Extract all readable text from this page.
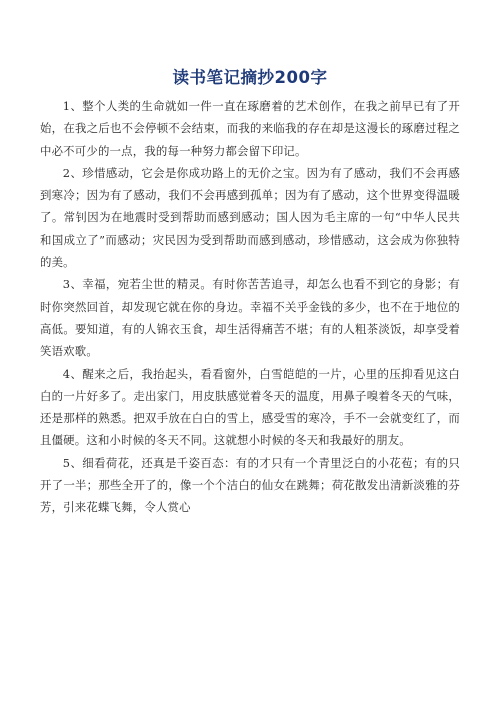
读书笔记摘抄200字

1、整个人类的生命就如一件一直在琢磨着的艺术创作，在我之前早已有了开始，在我之后也不会停顿不会结束，而我的来临我的存在却是这漫长的琢磨过程之中必不可少的一点，我的每一种努力都会留下印记。

2、珍惜感动，它会是你成功路上的无价之宝。因为有了感动，我们不会再感到寒冷；因为有了感动，我们不会再感到孤单；因为有了感动，这个世界变得温暖了。常钊因为在地震时受到帮助而感到感动；国人因为毛主席的一句“中华人民共和国成立了”而感动；灾民因为受到帮助而感到感动，珍惜感动，这会成为你独特的美。

3、幸福，宛若尘世的精灵。有时你苦苦追寻，却怎么也看不到它的身影；有时你突然回首，却发现它就在你的身边。幸福不关乎金钱的多少，也不在于地位的高低。要知道，有的人锦衣玉食，却生活得痛苦不堪；有的人粗茶淡饭，却享受着笑语欢歌。

4、醒来之后，我抬起头，看看窗外，白雪皑皑的一片，心里的压抑看见这白白的一片好多了。走出家门，用皮肤感觉着冬天的温度，用鼻子嗅着冬天的气味，还是那样的熟悉。把双手放在白白的雪上，感受雪的寒冷，手不一会就变红了，而且僵硬。这和小时候的冬天不同。这就想小时候的冬天和我最好的朋友。

5、细看荷花，还真是千姿百态：有的才只有一个青里泛白的小花苞；有的只开了一半；那些全开了的，像一个个洁白的仙女在跳舞；荷花散发出清新淡雅的芬芳，引来花蝶飞舞，令人赏心
